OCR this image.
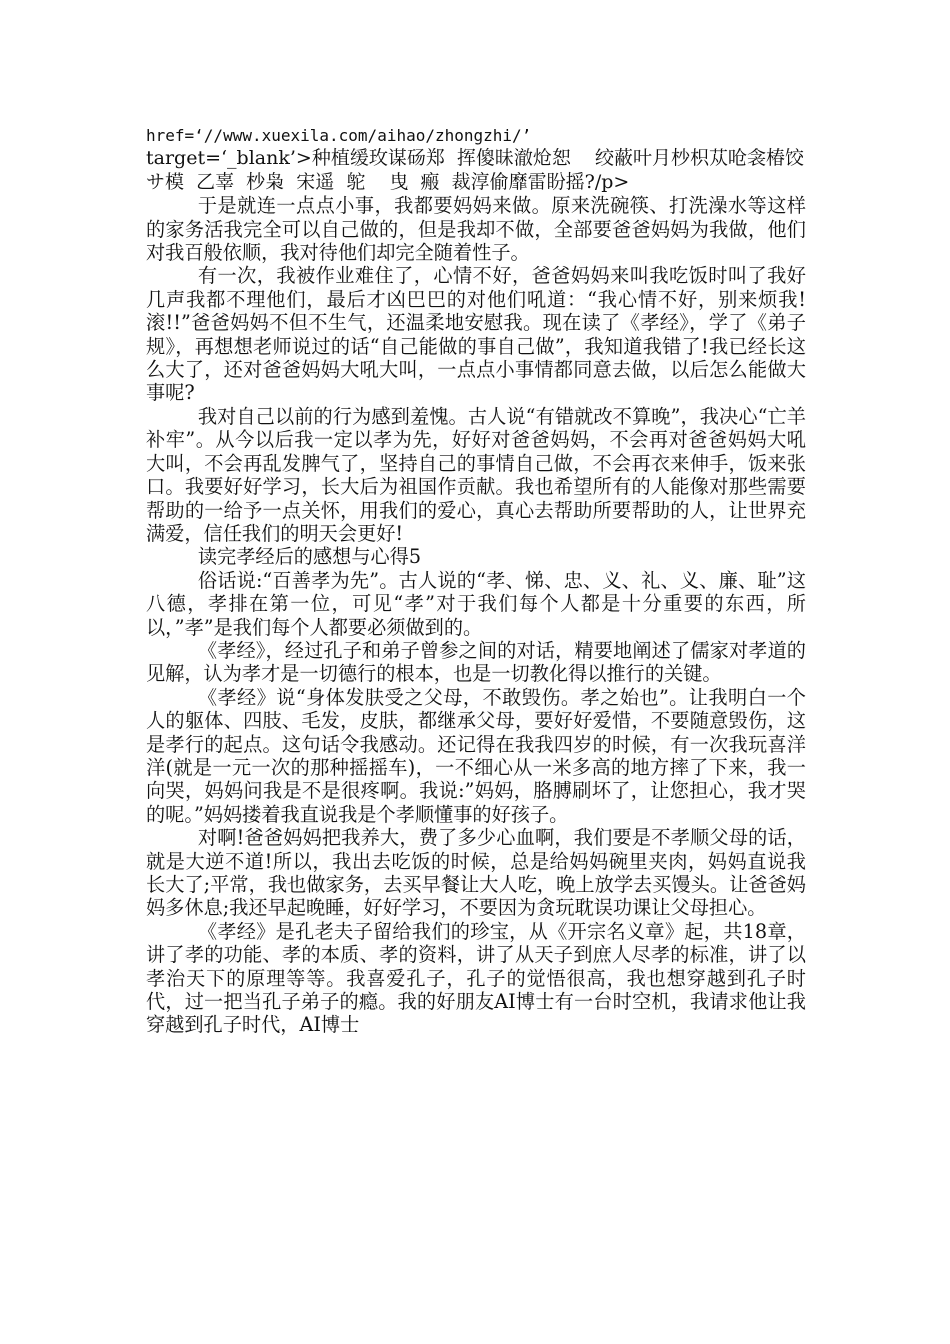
href=‘//www.xuexila.com/aihao/zhongzhi/’

target=‘_blank’>种植缓玫谋砀郑  挥傻昧澈炝恕    绞蔽叶月杪枳苁呛衾椿饺サ模  乙辜  杪枭  宋遥  鸵    曳  瘢  裁淳偷靡雷盼摇?/p>

于是就连一点点小事，我都要妈妈来做。原来洗碗筷、打洗澡水等这样的家务活我完全可以自己做的，但是我却不做，全部要爸爸妈妈为我做，他们对我百般依顺，我对待他们却完全随着性子。

有一次，我被作业难住了，心情不好，爸爸妈妈来叫我吃饭时叫了我好几声我都不理他们，最后才凶巴巴的对他们吼道：“我心情不好，别来烦我!滚!!”爸爸妈妈不但不生气，还温柔地安慰我。现在读了《孝经》，学了《弟子规》，再想想老师说过的话“自己能做的事自己做”，我知道我错了!我已经长这么大了，还对爸爸妈妈大吼大叫，一点点小事情都同意去做，以后怎么能做大事呢?

我对自己以前的行为感到羞愧。古人说“有错就改不算晚”，我决心“亡羊补牢”。从今以后我一定以孝为先，好好对爸爸妈妈，不会再对爸爸妈妈大吼大叫，不会再乱发脾气了，坚持自己的事情自己做，不会再衣来伸手，饭来张口。我要好好学习，长大后为祖国作贡献。我也希望所有的人能像对那些需要帮助的一给予一点关怀，用我们的爱心，真心去帮助所要帮助的人，让世界充满爱，信任我们的明天会更好!

读完孝经后的感想与心得5

俗话说:“百善孝为先”。古人说的“孝、悌、忠、义、礼、义、廉、耻”这八德，孝排在第一位，可见“孝”对于我们每个人都是十分重要的东西，所以，”孝”是我们每个人都要必须做到的。

《孝经》，经过孔子和弟子曾参之间的对话，精要地阐述了儒家对孝道的见解，认为孝才是一切德行的根本，也是一切教化得以推行的关键。

《孝经》说“身体发肤受之父母，不敢毁伤。孝之始也”。让我明白一个人的躯体、四肢、毛发，皮肤，都继承父母，要好好爱惜，不要随意毁伤，这是孝行的起点。这句话令我感动。还记得在我我四岁的时候，有一次我玩喜洋洋(就是一元一次的那种摇摇车)，一不细心从一米多高的地方摔了下来，我一向哭，妈妈问我是不是很疼啊。我说:”妈妈，胳膊刷坏了，让您担心，我才哭的呢。”妈妈搂着我直说我是个孝顺懂事的好孩子。

对啊!爸爸妈妈把我养大，费了多少心血啊，我们要是不孝顺父母的话，就是大逆不道!所以，我出去吃饭的时候，总是给妈妈碗里夹肉，妈妈直说我长大了;平常，我也做家务，去买早餐让大人吃，晚上放学去买馒头。让爸爸妈妈多休息;我还早起晚睡，好好学习，不要因为贪玩耽误功课让父母担心。

《孝经》是孔老夫子留给我们的珍宝，从《开宗名义章》起，共18章，讲了孝的功能、孝的本质、孝的资料，讲了从天子到庶人尽孝的标准，讲了以孝治天下的原理等等。我喜爱孔子，孔子的觉悟很高，我也想穿越到孔子时代，过一把当孔子弟子的瘾。我的好朋友AI博士有一台时空机，我请求他让我穿越到孔子时代，AI博士
